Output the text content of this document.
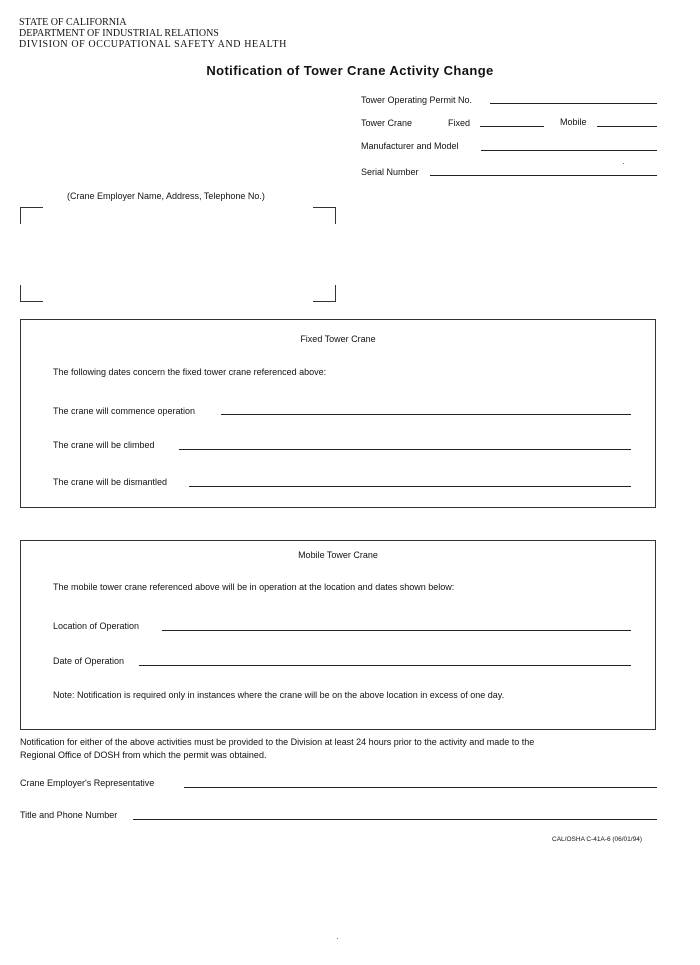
STATE OF CALIFORNIA
DEPARTMENT OF INDUSTRIAL RELATIONS
DIVISION OF OCCUPATIONAL SAFETY AND HEALTH
Notification of Tower Crane Activity Change
Tower Operating Permit No.
Tower Crane	Fixed	Mobile
Manufacturer and Model
Serial Number
(Crane Employer Name, Address, Telephone No.)
Fixed Tower Crane
The following dates concern the fixed tower crane referenced above:
The crane will commence operation
The crane will be climbed
The crane will be dismantled
Mobile Tower Crane
The mobile tower crane referenced above will be in operation at the location and dates shown below:
Location of Operation
Date of Operation
Note: Notification is required only in instances where the crane will be on the above location in excess of one day.
Notification for either of the above activities must be provided to the Division at least 24 hours prior to the activity and made to the
Regional Office of DOSH from which the permit was obtained.
Crane Employer's Representative
Title and Phone Number
CAL/OSHA C-41A-6 (06/01/94)
